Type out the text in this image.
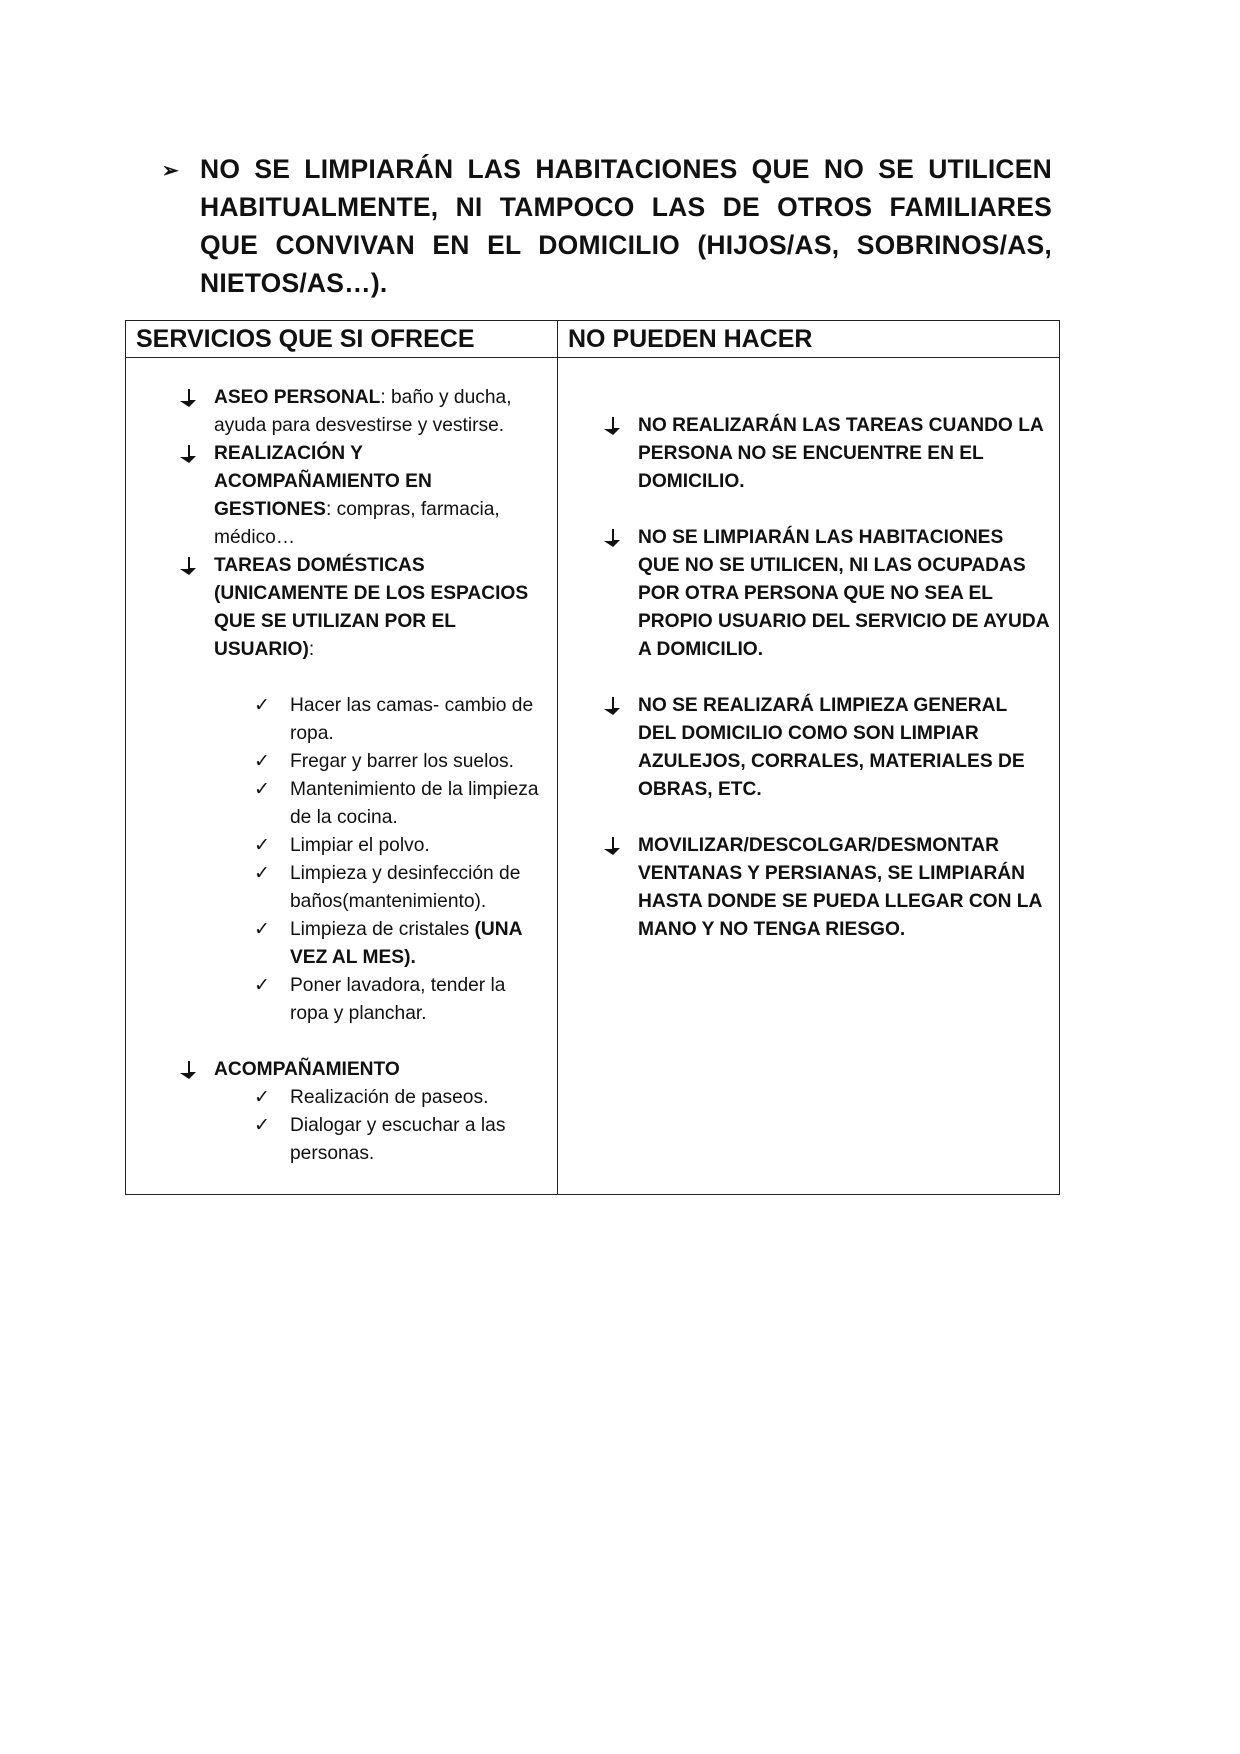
➢ NO SE LIMPIARÁN LAS HABITACIONES QUE NO SE UTILICEN HABITUALMENTE, NI TAMPOCO LAS DE OTROS FAMILIARES QUE CONVIVAN EN EL DOMICILIO (HIJOS/AS, SOBRINOS/AS, NIETOS/AS…).
SERVICIOS QUE SI OFRECE	NO PUEDEN HACER
ASEO PERSONAL: baño y ducha, ayuda para desvestirse y vestirse.
REALIZACIÓN Y ACOMPAÑAMIENTO EN GESTIONES: compras, farmacia, médico…
TAREAS DOMÉSTICAS (UNICAMENTE DE LOS ESPACIOS QUE SE UTILIZAN POR EL USUARIO):
✓ Hacer las camas- cambio de ropa.
✓ Fregar y barrer los suelos.
✓ Mantenimiento de la limpieza de la cocina.
✓ Limpiar el polvo.
✓ Limpieza y desinfección de baños(mantenimiento).
✓ Limpieza de cristales (UNA VEZ AL MES).
✓ Poner lavadora, tender la ropa y planchar.
ACOMPAÑAMIENTO
✓ Realización de paseos.
✓ Dialogar y escuchar a las personas.
NO REALIZARÁN LAS TAREAS CUANDO LA PERSONA NO SE ENCUENTRE EN EL DOMICILIO.
NO SE LIMPIARÁN LAS HABITACIONES QUE NO SE UTILICEN, NI LAS OCUPADAS POR OTRA PERSONA QUE NO SEA EL PROPIO USUARIO DEL SERVICIO DE AYUDA A DOMICILIO.
NO SE REALIZARÁ LIMPIEZA GENERAL DEL DOMICILIO COMO SON LIMPIAR AZULEJOS, CORRALES, MATERIALES DE OBRAS, ETC.
MOVILIZAR/DESCOLGAR/DESMONTAR VENTANAS Y PERSIANAS, SE LIMPIARÁN HASTA DONDE SE PUEDA LLEGAR CON LA MANO Y NO TENGA RIESGO.
